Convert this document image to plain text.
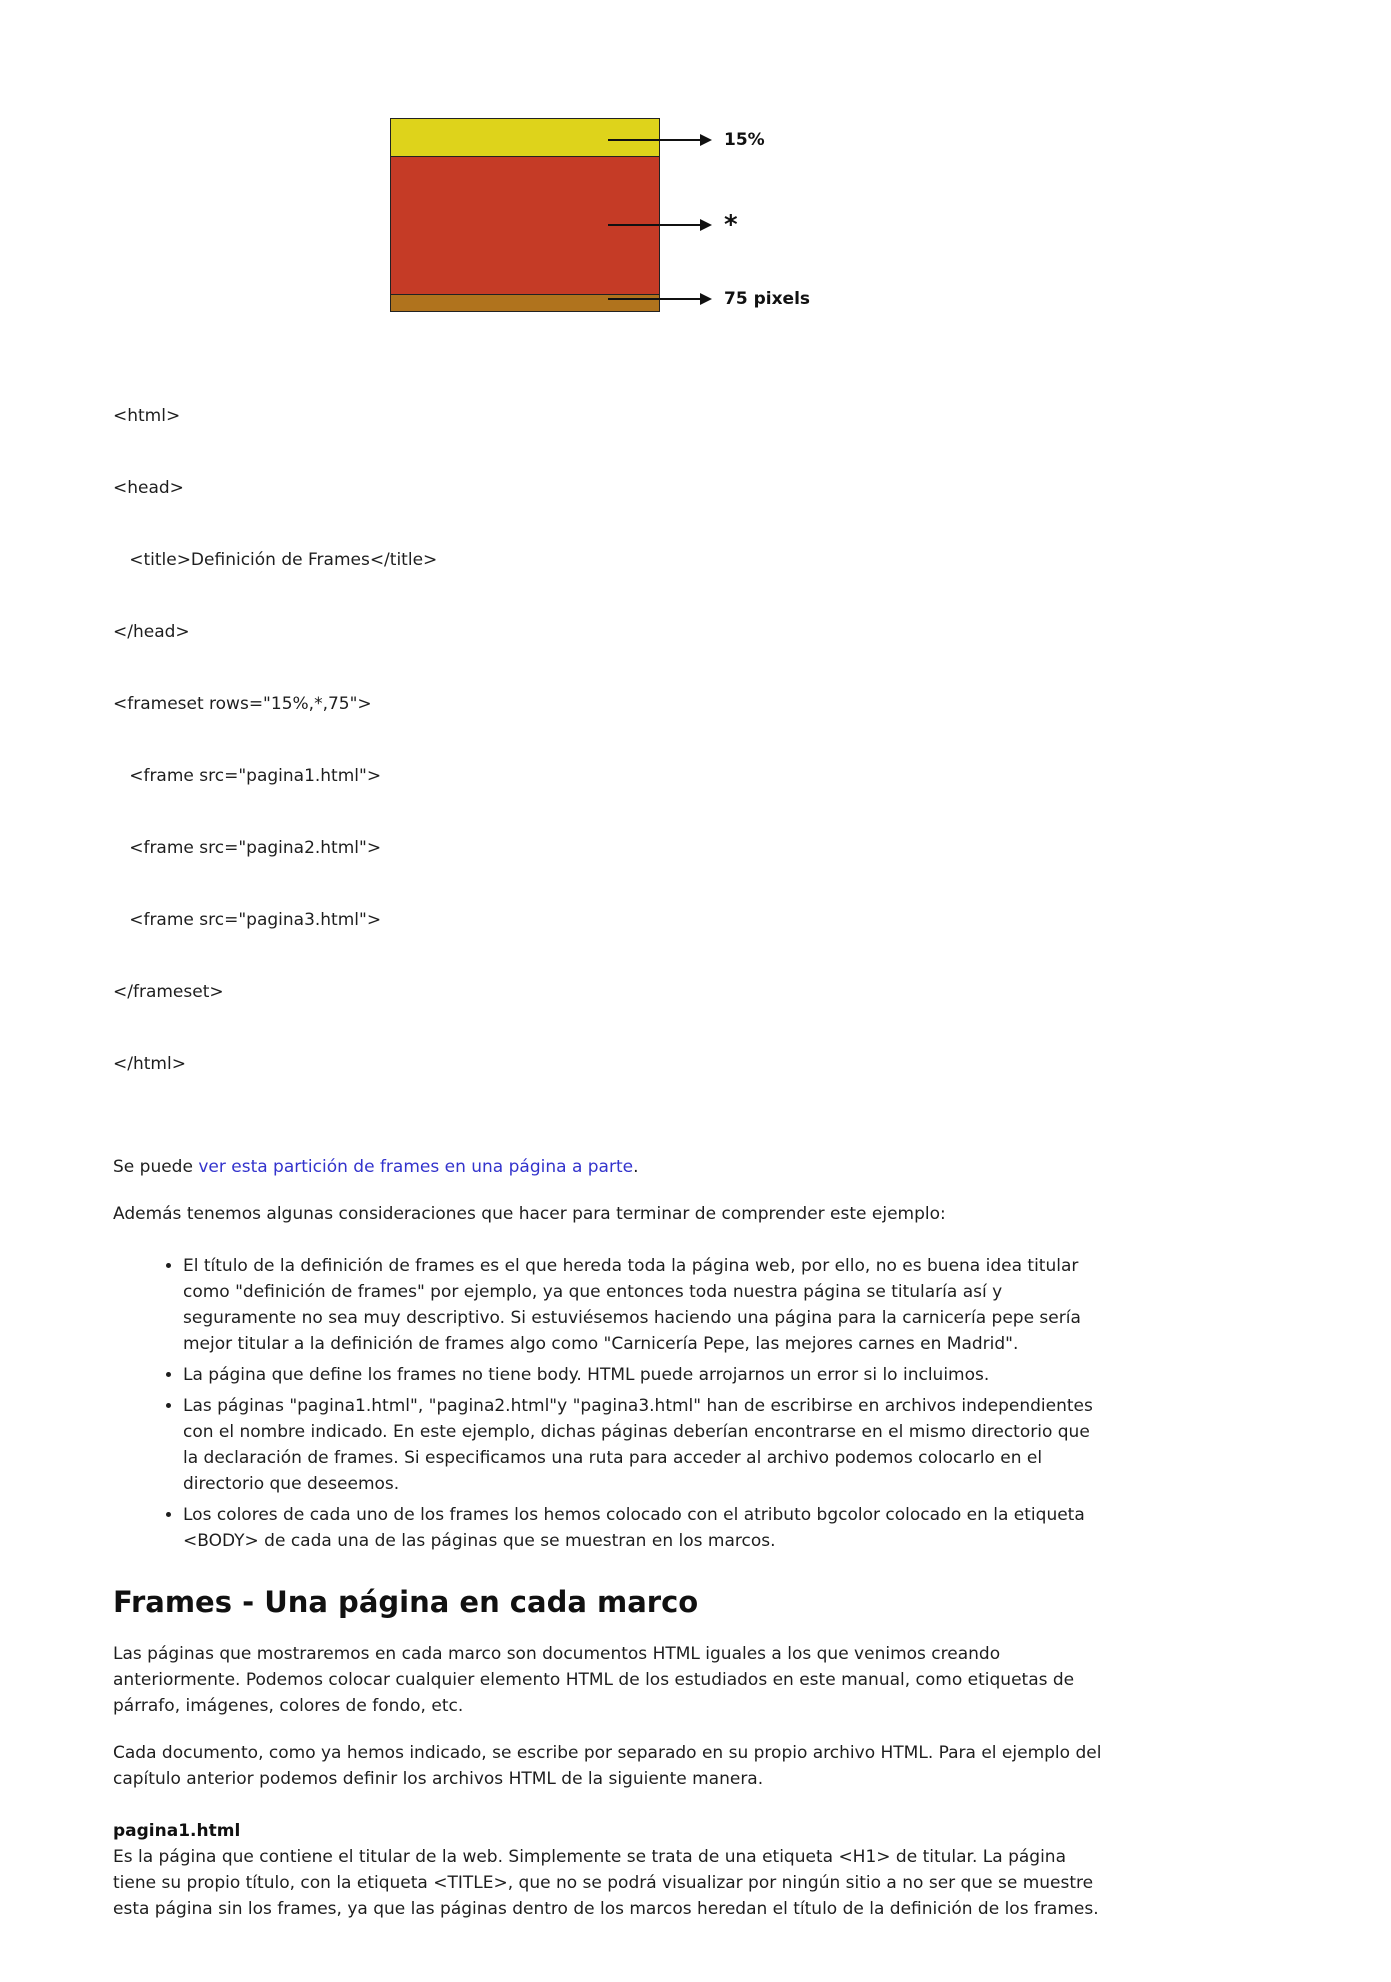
15%
*
75 pixels

<html>

<head>

<title>Definición de Frames</title>

</head>

<frameset rows="15%,*,75">

<frame src="pagina1.html">

<frame src="pagina2.html">

<frame src="pagina3.html">

</frameset>

</html>

Se puede ver esta partición de frames en una página a parte.

Además tenemos algunas consideraciones que hacer para terminar de comprender este ejemplo:

• El título de la definición de frames es el que hereda toda la página web, por ello, no es buena idea titular como "definición de frames" por ejemplo, ya que entonces toda nuestra página se titularía así y seguramente no sea muy descriptivo. Si estuviésemos haciendo una página para la carnicería pepe sería mejor titular a la definición de frames algo como "Carnicería Pepe, las mejores carnes en Madrid".
• La página que define los frames no tiene body. HTML puede arrojarnos un error si lo incluimos.
• Las páginas "pagina1.html", "pagina2.html"y "pagina3.html" han de escribirse en archivos independientes con el nombre indicado. En este ejemplo, dichas páginas deberían encontrarse en el mismo directorio que la declaración de frames. Si especificamos una ruta para acceder al archivo podemos colocarlo en el directorio que deseemos.
• Los colores de cada uno de los frames los hemos colocado con el atributo bgcolor colocado en la etiqueta <BODY> de cada una de las páginas que se muestran en los marcos.
Frames - Una página en cada marco

Las páginas que mostraremos en cada marco son documentos HTML iguales a los que venimos creando anteriormente. Podemos colocar cualquier elemento HTML de los estudiados en este manual, como etiquetas de párrafo, imágenes, colores de fondo, etc.

Cada documento, como ya hemos indicado, se escribe por separado en su propio archivo HTML. Para el ejemplo del capítulo anterior podemos definir los archivos HTML de la siguiente manera.

pagina1.html

Es la página que contiene el titular de la web. Simplemente se trata de una etiqueta <H1> de titular. La página tiene su propio título, con la etiqueta <TITLE>, que no se podrá visualizar por ningún sitio a no ser que se muestre esta página sin los frames, ya que las páginas dentro de los marcos heredan el título de la definición de los frames.
